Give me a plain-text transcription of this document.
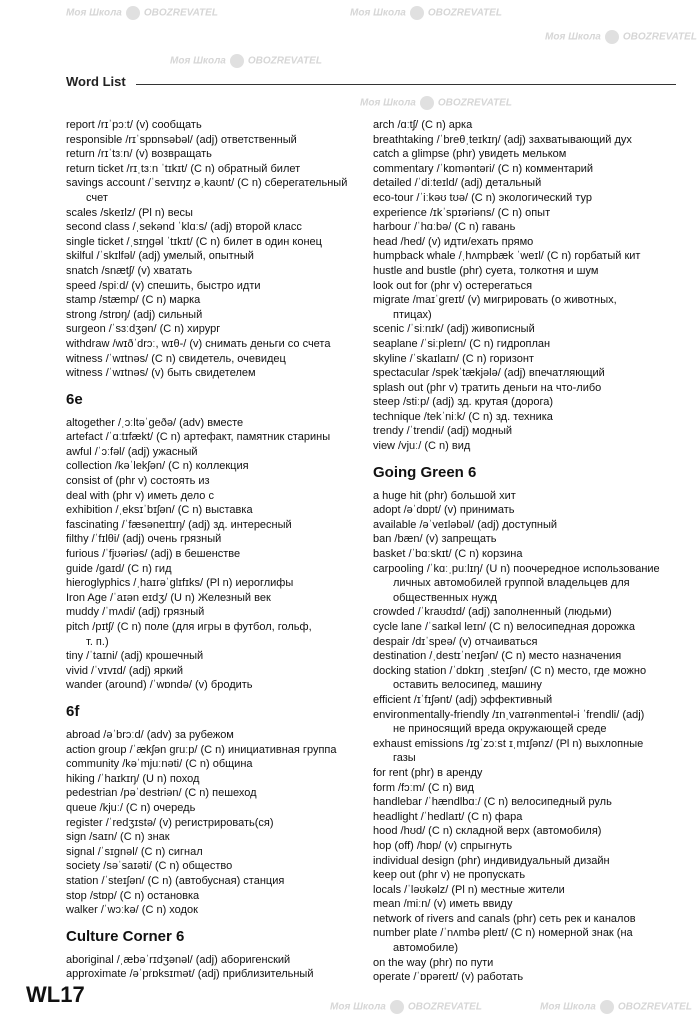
Моя Школа OBOZREVATEL	Моя Школа OBOZREVATEL
Моя Школа OBOZREVATEL
Моя Школа OBOZREVATEL
Моя Школа OBOZREVATEL
Моя Школа OBOZREVATEL
Моя Школа OBOZREVATEL
Word List
report /rɪˈpɔːt/ (v) сообщать
responsible /rɪˈspɒnsəbəl/ (adj) ответственный
return /rɪˈtɜːn/ (v) возвращать
return ticket /rɪˌtɜːn ˈtɪkɪt/ (C n) обратный билет
savings account /ˈseɪvɪŋz əˌkaʊnt/ (C n) сберегательный
счет
scales /skeɪlz/ (Pl n) весы
second class /ˌsekənd ˈklɑːs/ (adj) второй класс
single ticket /ˌsɪŋɡəl ˈtɪkɪt/ (C n) билет в один конец
skilful /ˈskɪlfəl/ (adj) умелый, опытный
snatch /snætʃ/ (v) хватать
speed /spiːd/ (v) спешить, быстро идти
stamp /stæmp/ (C n) марка
strong /strɒŋ/ (adj) сильный
surgeon /ˈsɜːdʒən/ (C n) хирург
withdraw /wɪðˈdrɔː, wɪθ-/ (v) снимать деньги со счета
witness /ˈwɪtnəs/ (C n) свидетель, очевидец
witness /ˈwɪtnəs/ (v) быть свидетелем
6e
altogether /ˌɔːltəˈɡeðə/ (adv) вместе
artefact /ˈɑːtɪfækt/ (C n) артефакт, памятник старины
awful /ˈɔːfəl/ (adj) ужасный
collection /kəˈlekʃən/ (C n) коллекция
consist of (phr v) состоять из
deal with (phr v) иметь дело с
exhibition /ˌeksɪˈbɪʃən/ (C n) выставка
fascinating /ˈfæsəneɪtɪŋ/ (adj) зд. интересный
filthy /ˈfɪlθi/ (adj) очень грязный
furious /ˈfjʊəriəs/ (adj) в бешенстве
guide /ɡaɪd/ (C n) гид
hieroglyphics /ˌhaɪrəˈɡlɪfɪks/ (Pl n) иероглифы
Iron Age /ˈaɪən eɪdʒ/ (U n) Железный век
muddy /ˈmʌdi/ (adj) грязный
pitch /pɪtʃ/ (C n) поле (для игры в футбол, гольф,
т. п.)
tiny /ˈtaɪni/ (adj) крошечный
vivid /ˈvɪvɪd/ (adj) яркий
wander (around) /ˈwɒndə/ (v) бродить
6f
abroad /əˈbrɔːd/ (adv) за рубежом
action group /ˈækʃən ɡruːp/ (C n) инициативная группа
community /kəˈmjuːnəti/ (C n) община
hiking /ˈhaɪkɪŋ/ (U n) поход
pedestrian /pəˈdestriən/ (C n) пешеход
queue /kjuː/ (C n) очередь
register /ˈredʒɪstə/ (v) регистрировать(ся)
sign /saɪn/ (C n) знак
signal /ˈsɪɡnəl/ (C n) сигнал
society /səˈsaɪəti/ (C n) общество
station /ˈsteɪʃən/ (C n) (автобусная) станция
stop /stɒp/ (C n) остановка
walker /ˈwɔːkə/ (C n) ходок
Culture Corner 6
aboriginal /ˌæbəˈrɪdʒənəl/ (adj) аборигенский
approximate /əˈprɒksɪmət/ (adj) приблизительный
arch /ɑːtʃ/ (C n) арка
breathtaking /ˈbreθˌteɪkɪŋ/ (adj) захватывающий дух
catch a glimpse (phr) увидеть мельком
commentary /ˈkɒməntəri/ (C n) комментарий
detailed /ˈdiːteɪld/ (adj) детальный
eco-tour /ˈiːkəʊ tʊə/ (C n) экологический тур
experience /ɪkˈspɪəriəns/ (C n) опыт
harbour /ˈhɑːbə/ (C n) гавань
head /hed/ (v) идти/ехать прямо
humpback whale /ˌhʌmpbæk ˈweɪl/ (C n) горбатый кит
hustle and bustle (phr) суета, толкотня и шум
look out for (phr v) остерегаться
migrate /maɪˈɡreɪt/ (v) мигрировать (о животных,
птицах)
scenic /ˈsiːnɪk/ (adj) живописный
seaplane /ˈsiːpleɪn/ (C n) гидроплан
skyline /ˈskaɪlaɪn/ (C n) горизонт
spectacular /spekˈtækjələ/ (adj) впечатляющий
splash out (phr v) тратить деньги на что-либо
steep /stiːp/ (adj) зд. крутая (дорога)
technique /tekˈniːk/ (C n) зд. техника
trendy /ˈtrendi/ (adj) модный
view /vjuː/ (C n) вид
Going Green 6
a huge hit (phr) большой хит
adopt /əˈdɒpt/ (v) принимать
available /əˈveɪləbəl/ (adj) доступный
ban /bæn/ (v) запрещать
basket /ˈbɑːskɪt/ (C n) корзина
carpooling /ˈkɑːˌpuːlɪŋ/ (U n) поочередное использование
личных автомобилей группой владельцев для
общественных нужд
crowded /ˈkraʊdɪd/ (adj) заполненный (людьми)
cycle lane /ˈsaɪkəl leɪn/ (C n) велосипедная дорожка
despair /dɪˈspeə/ (v) отчаиваться
destination /ˌdestɪˈneɪʃən/ (C n) место назначения
docking station /ˈdɒkɪŋ ˌsteɪʃən/ (C n) место, где можно
оставить велосипед, машину
efficient /ɪˈfɪʃənt/ (adj) эффективный
environmentally-friendly /ɪnˌvaɪrənmentəl-i ˈfrendli/ (adj)
не приносящий вреда окружающей среде
exhaust emissions /ɪɡˈzɔːst ɪˌmɪʃənz/ (Pl n) выхлопные
газы
for rent (phr) в аренду
form /fɔːm/ (C n) вид
handlebar /ˈhændlbɑː/ (C n) велосипедный руль
headlight /ˈhedlaɪt/ (C n) фара
hood /hʊd/ (C n) складной верх (автомобиля)
hop (off) /hɒp/ (v) спрыгнуть
individual design (phr) индивидуальный дизайн
keep out (phr v) не пропускать
locals /ˈləʊkəlz/ (Pl n) местные жители
mean /miːn/ (v) иметь ввиду
network of rivers and canals (phr) сеть рек и каналов
number plate /ˈnʌmbə pleɪt/ (C n) номерной знак (на
автомобиле)
on the way (phr) по пути
operate /ˈɒpəreɪt/ (v) работать
WL17
